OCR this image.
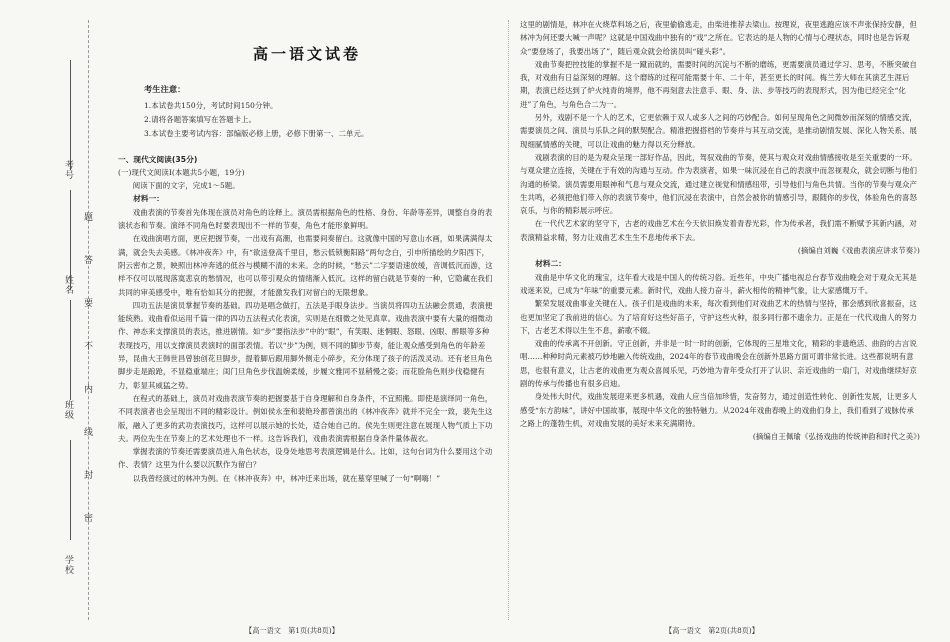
考号
姓名
班级
学校
题
答
要
不
内
线
封
密
高一语文试卷
考生注意：

1.本试卷共150分，考试时间150分钟。

2.请将各题答案填写在答题卡上。

3.本试卷主要考试内容：部编版必修上册，必修下册第一、二单元。

一、现代文阅读(35分)

(一)现代文阅读Ⅰ(本题共5小题，19分)

阅读下面的文字，完成1～5题。

材料一：

戏曲表演的节奏首先体现在演员对角色的诠释上。演员需根据角色的性格、身份、年龄等差异，调整自身的表演状态和节奏。演绎不同角色时要表现出不一样的节奏，角色才能形象鲜明。

在戏曲演唱方面，更应把握节奏，一出戏有高潮，也需要间奏留白。这就像中国的写意山水画，如果满满得太满，就会失去美感。《林冲夜奔》中，有“欲送登高千里目，愁云低锁衡阳路”两句念白，引申所描绘的夕阳西下，阴云密布之景，映照出林冲奔逃的低谷与模糊不清的未来。念的时候，“愁云”二字要语速放缓，音调低沉而游，这样不仅可以展现落寞悲哀的愁情况，也可以带引观众的情绪渐入低沉。这样的留白就是节奏的一种，它隐藏在我们共同的审美感受中，唯有恰如其分的把握，才能激发我们对留白的无限想象。

四功五法是演员掌握节奏的基础。四功是唱念做打，五法是手眼身法步。当演员将四功五法融会贯通，表演便能统熟。戏曲看似运用千篇一律的四功五法程式化表演，实则是在细微之处见真章。戏曲表演中要有大量的细微动作、神态来支撑演员的表达，推进剧情。如“步”要指法步”中的“眼”，有笑眼、迷惘眼、怒眼、凶眼、醉眼等多种表现技巧，用以支撑演员表演时的面部表情。若以“步”为例，则不同的脚步节奏，能让观众感受到角色的年龄差异，昆曲大王韩世昌曾独创花旦脚步，提着脚后跟用脚外侧走小碎步，充分体现了孩子的活泼灵动。还有老旦角色脚步走是踉跄，不显稳重端庄；闺门旦角色步伐温婉柔缓，步履文雅同不显稍慢之姿；而花脸角色则步伐稳健有力，彰显其威猛之势。

在程式的基础上，演员对戏曲表演节奏的把握要基于自身理解和自身条件，不宜照搬。即使是演绎同一角色，不同表演者也会呈现出不同的精彩设计。例如侯永奎和裴艳玲都曾演出的《林冲夜奔》就并不完全一致，裴先生这版，融入了更多的武功表演技巧，这样可以展示她的长处，适合她自己的。侯先生则更注意在展现人物气质上下功夫。两位先生在节奏上的艺术处理也不一样。这告诉我们，戏曲表演需根据自身条件量体裁衣。

掌握表演的节奏还需要演员进入角色状态，设身处地思考表演逻辑是什么。比如，这句台词为什么要用这个动作、表情？这里为什么要以沉默作为留白？

以我曾经演过的林冲为例。在《林冲夜奔》中，林冲迁来出场，就在墓穿里喊了一句“啊嗨！”

这里的剧情是，林冲在火烧草料场之后，夜里偷偷逃走，由柴进推荐去梁山。按理说，夜里逃跑应该不声张保持安静，但林冲为何还要大喊一声呢？这就是中国戏曲中独有的“戏”之所在。它表达的是人物的心情与心理状态，同时也是告诉观众“要登场了，我要出场了”，随后观众就会给演员叫“碰头彩”。

戏曲节奏把控技能的掌握不是一蹴而就的，需要时间的沉淀与不断的磨练，更需要演员通过学习、思考，不断突破自我，对戏曲有日益深刻的理解。这个磨练的过程可能需要十年、二十年，甚至更长的时间。梅兰芳大师在其演艺生涯后期，表演已经达到了炉火纯青的境界，他不再刻意去注意手、眼、身、法、步等技巧的表现形式，因为他已经完全“化进”了角色，与角色合二为一。

另外，戏剧不是一个人的艺术，它更依赖于双人或多人之间的巧妙配合。如何呈现角色之间微妙而深刻的情感交流，需要演员之间、演员与乐队之间的默契配合。精准把握搭档的节奏并与其互动交流，是推动剧情发展、深化人物关系、展现细腻情感的关键，可以让戏曲的魅力得以充分释放。

戏剧表演的目的是为观众呈现一部好作品，因此，驾驭戏曲的节奏，使其与观众对戏曲情感接收是至关重要的一环。与观众建立连接，关键在于有效的沟通与互动。作为表演者，如果一味沉浸在自己的表演中而忽视观众，就会切断与他们沟通的桥梁。演员需要用眼神和气息与观众交流，通过建立视觉和情感纽带，引导他们与角色共情。当你的节奏与观众产生共鸣，必须把他们带入你的表演节奏中，他们沉浸在表演中，自然会被你的情感引导，跟随你的步伐，体验角色的喜怒哀乐，与你的精彩展示呼应。

在一代代艺术家的坚守下，古老的戏曲艺术在今天依旧焕发着青春光彩，作为传承者，我们需不断赋予其新内涵，对表演精益求精，努力让戏曲艺术生生不息地传承下去。

(摘编自刘巍《戏曲表演应讲求节奏》)

材料二：

戏曲是中华文化的瑰宝，这年看大戏是中国人的传统习俗。近些年，中央广播电视总台春节戏曲晚会对于观众无其是戏迷来说，已成为“年味”的重要元素。新时代，戏曲人接力奋斗，薪火相传的精神气象，让大家感慨万千。

繁荣发展戏曲事业关键在人。孩子们是戏曲的未来，每次看到他们对戏曲艺术的热情与坚持，都会感到欣喜振奋，这也更加坚定了我前进的信心。为了培育好这些好苗子，守护这些火种，很多同行都不遗余力。正是在一代代戏曲人的努力下，古老艺术得以生生不息，薪歌不辍。

戏曲的传承离不开创新。守正创新，并非是一时一时的创新，它体现的三星堆文化，精彩的非遗绝活、曲韵的古言说唱……种种时尚元素被巧妙地融入传统戏曲，2024年的春节戏曲晚会在创新外思路方面可谓非常长进。这些都说明有意思，也很有意义，让古老的戏曲更为观众喜闻乐见，巧妙地为青年受众打开了认识、亲近戏曲的一扇门，对戏曲继续好京剧的传承与传播也有很多启迪。

身处伟大时代，戏曲发展迎来更多机遇，戏曲人应当倍加珍惜，发奋努力，通过创造性转化、创新性发展，让更多人感受“东方韵味”，讲好中国故事，展现中华文化的独特魅力。从2024年戏曲春晚上的戏曲们身上，我们看到了戏脉传承之路上的蓬勃生机，对戏曲发展的美好未来充满期待。

(摘编自王佩瑜《弘扬戏曲的传统神韵和时代之美》)

【高一语文　第1页(共8页)】	【高一语文　第2页(共8页)】
